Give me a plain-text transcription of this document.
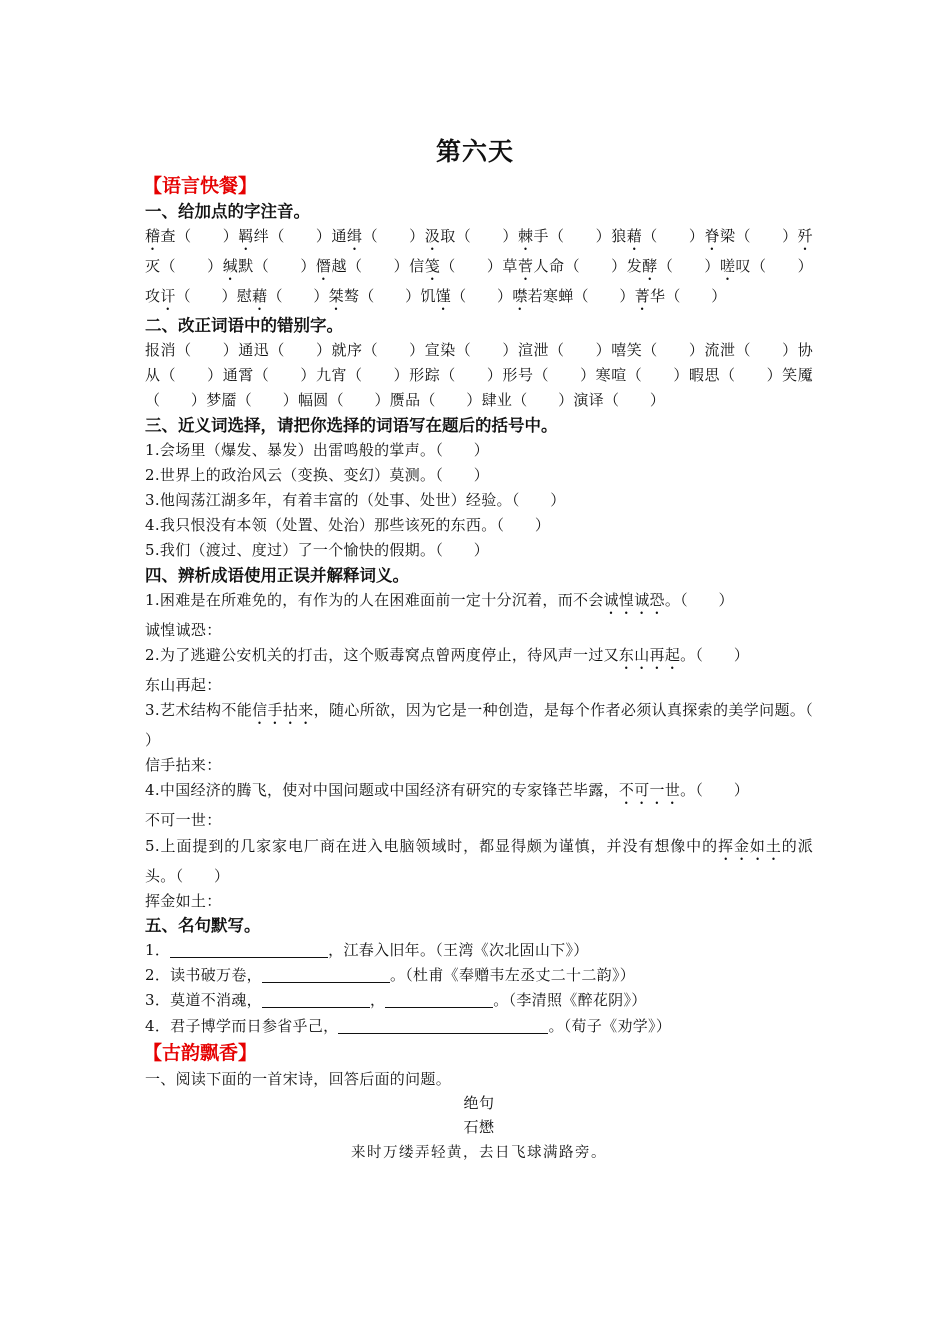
第六天
【语言快餐】
一、给加点的字注音。
稽查（　　）羁绊（　　）通缉（　　）汲取（　　）棘手（　　）狼藉（　　）脊梁（　　）歼灭（　　）缄默（　　）僭越（　　）信笺（　　）草菅人命（　　）发酵（　　）嗟叹（　　）攻讦（　　）慰藉（　　）桀骜（　　）饥馑（　　）噤若寒蝉（　　）菁华（　　）
二、改正词语中的错别字。
报消（　　）通迅（　　）就序（　　）宣染（　　）渲泄（　　）嘻笑（　　）流泄（　　）协从（　　）通霄（　　）九宵（　　）形踪（　　）形号（　　）寒喧（　　）暇思（　　）笑魇（　　）梦靥（　　）幅圆（　　）赝品（　　）肆业（　　）演译（　　）
三、近义词选择，请把你选择的词语写在题后的括号中。
1.会场里（爆发、暴发）出雷鸣般的掌声。（　　）
2.世界上的政治风云（变换、变幻）莫测。（　　）
3.他闯荡江湖多年，有着丰富的（处事、处世）经验。（　　）
4.我只恨没有本领（处置、处治）那些该死的东西。（　　）
5.我们（渡过、度过）了一个愉快的假期。（　　）
四、辨析成语使用正误并解释词义。
1.困难是在所难免的，有作为的人在困难面前一定十分沉着，而不会诚惶诚恐。（　　）
诚惶诚恐：
2.为了逃避公安机关的打击，这个贩毒窝点曾两度停止，待风声一过又东山再起。（　　）
东山再起：
3.艺术结构不能信手拈来，随心所欲，因为它是一种创造，是每个作者必须认真探索的美学问题。（　　）
信手拈来：
4.中国经济的腾飞，使对中国问题或中国经济有研究的专家锋芒毕露，不可一世。（　　）
不可一世：
5.上面提到的几家家电厂商在进入电脑领域时，都显得颇为谨慎，并没有想像中的挥金如土的派头。（　　）
挥金如土：
五、名句默写。
1．	，江春入旧年。（王湾《次北固山下》）
2．读书破万卷，	。（杜甫《奉赠韦左丞丈二十二韵》）
3．莫道不消魂，	，	。（李清照《醉花阴》）
4．君子博学而日参省乎己，	。（荀子《劝学》）
【古韵飘香】
一、阅读下面的一首宋诗，回答后面的问题。
绝句
石懋
来时万缕弄轻黄，去日飞球满路旁。
